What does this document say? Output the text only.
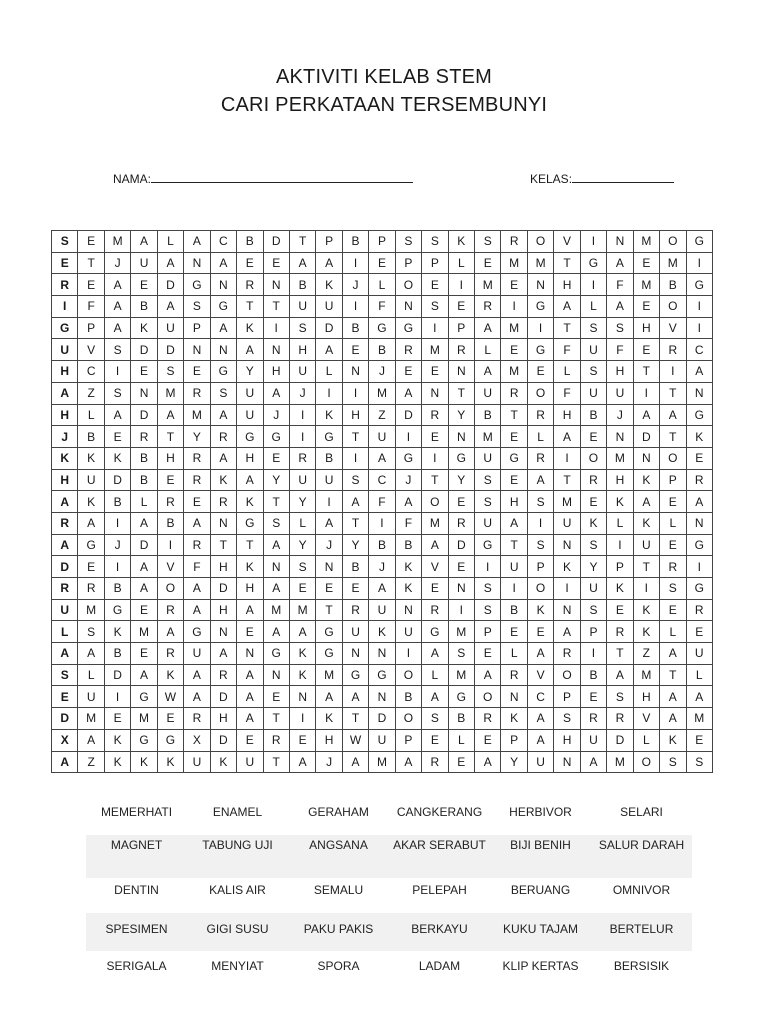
AKTIVITI KELAB STEM
CARI PERKATAAN TERSEMBUNYI
NAMA:	KELAS:
S	E	M	A	L	A	C	B	D	T	P	B	P	S	S	K	S	R	O	V	I	N	M	O	G
E	T	J	U	A	N	A	E	E	A	A	I	E	P	P	L	E	M	M	T	G	A	E	M	I
R	E	A	E	D	G	N	R	N	B	K	J	L	O	E	I	M	E	N	H	I	F	M	B	G
I	F	A	B	A	S	G	T	T	U	U	I	F	N	S	E	R	I	G	A	L	A	E	O	I
G	P	A	K	U	P	A	K	I	S	D	B	G	G	I	P	A	M	I	T	S	S	H	V	I
U	V	S	D	D	N	N	A	N	H	A	E	B	R	M	R	L	E	G	F	U	F	E	R	C
H	C	I	E	S	E	G	Y	H	U	L	N	J	E	E	N	A	M	E	L	S	H	T	I	A
A	Z	S	N	M	R	S	U	A	J	I	I	M	A	N	T	U	R	O	F	U	U	I	T	N
H	L	A	D	A	M	A	U	J	I	K	H	Z	D	R	Y	B	T	R	H	B	J	A	A	G
J	B	E	R	T	Y	R	G	G	I	G	T	U	I	E	N	M	E	L	A	E	N	D	T	K
K	K	K	B	H	R	A	H	E	R	B	I	A	G	I	G	U	G	R	I	O	M	N	O	E
H	U	D	B	E	R	K	A	Y	U	U	S	C	J	T	Y	S	E	A	T	R	H	K	P	R
A	K	B	L	R	E	R	K	T	Y	I	A	F	A	O	E	S	H	S	M	E	K	A	E	A
R	A	I	A	B	A	N	G	S	L	A	T	I	F	M	R	U	A	I	U	K	L	K	L	N
A	G	J	D	I	R	T	T	A	Y	J	Y	B	B	A	D	G	T	S	N	S	I	U	E	G
D	E	I	A	V	F	H	K	N	S	N	B	J	K	V	E	I	U	P	K	Y	P	T	R	I
R	R	B	A	O	A	D	H	A	E	E	E	A	K	E	N	S	I	O	I	U	K	I	S	G
U	M	G	E	R	A	H	A	M	M	T	R	U	N	R	I	S	B	K	N	S	E	K	E	R
L	S	K	M	A	G	N	E	A	A	G	U	K	U	G	M	P	E	E	A	P	R	K	L	E
A	A	B	E	R	U	A	N	G	K	G	N	N	I	A	S	E	L	A	R	I	T	Z	A	U
S	L	D	A	K	A	R	A	N	K	M	G	G	O	L	M	A	R	V	O	B	A	M	T	L
E	U	I	G	W	A	D	A	E	N	A	A	N	B	A	G	O	N	C	P	E	S	H	A	A
D	M	E	M	E	R	H	A	T	I	K	T	D	O	S	B	R	K	A	S	R	R	V	A	M
X	A	K	G	G	X	D	E	R	E	H	W	U	P	E	L	E	P	A	H	U	D	L	K	E
A	Z	K	K	K	U	K	U	T	A	J	A	M	A	R	E	A	Y	U	N	A	M	O	S	S
MEMERHATI	ENAMEL	GERAHAM	CANGKERANG	HERBIVOR	SELARI
MAGNET	TABUNG UJI	ANGSANA	AKAR SERABUT	BIJI BENIH	SALUR DARAH
DENTIN	KALIS AIR	SEMALU	PELEPAH	BERUANG	OMNIVOR
SPESIMEN	GIGI SUSU	PAKU PAKIS	BERKAYU	KUKU TAJAM	BERTELUR
SERIGALA	MENYIAT	SPORA	LADAM	KLIP KERTAS	BERSISIK
